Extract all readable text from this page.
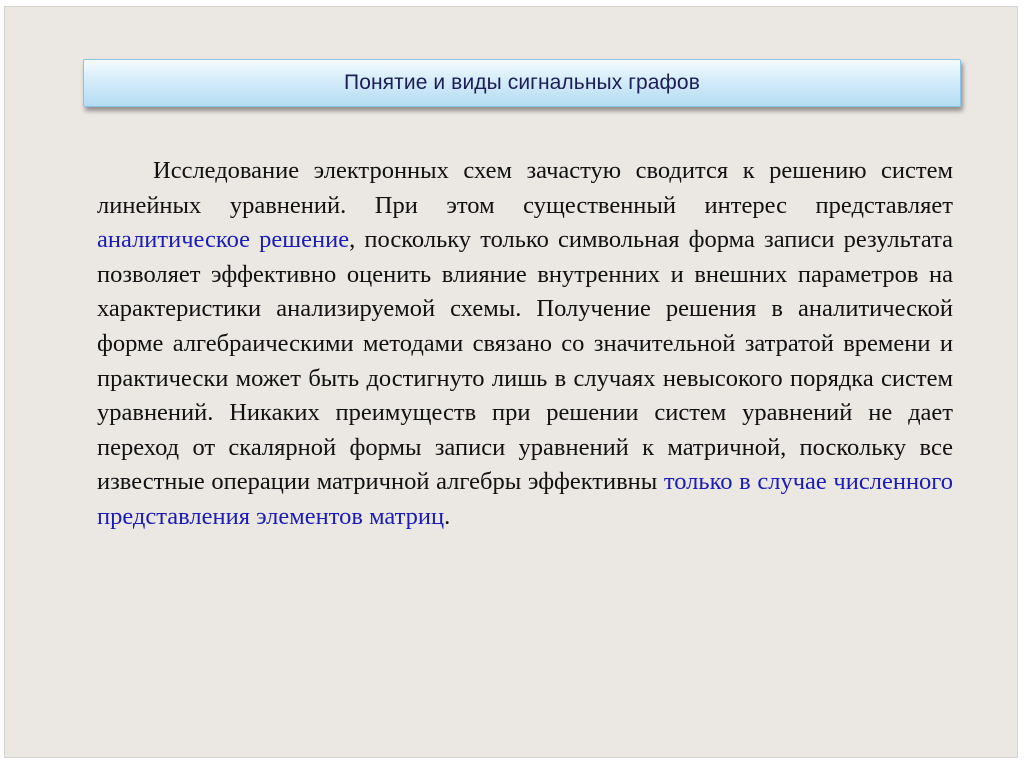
Понятие и виды сигнальных графов

Исследование электронных схем зачастую сводится к решению систем линейных уравнений. При этом существенный интерес представляет аналитическое решение, поскольку только символьная форма записи результата позволяет эффективно оценить влияние внутренних и внешних параметров на характеристики анализируемой схемы. Получение решения в аналитической форме алгебраическими методами связано со значительной затратой времени и практически может быть достигнуто лишь в случаях невысокого порядка систем уравнений. Никаких преимуществ при решении систем уравнений не дает переход от скалярной формы записи уравнений к матричной, поскольку все известные операции матричной алгебры эффективны только в случае численного представления элементов матриц.
